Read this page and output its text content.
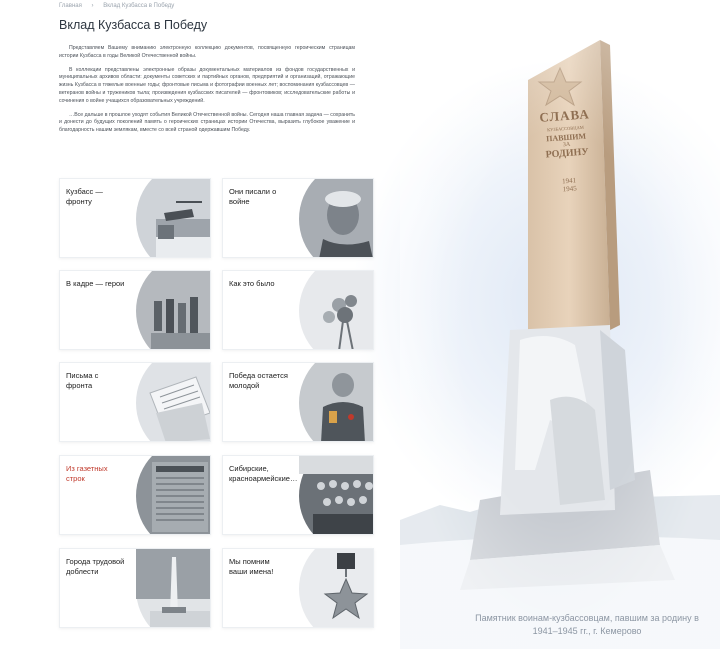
СЛАВА
КУЗБАССОВЦАМ
ПАВШИМ
ЗА
РОДИНУ
1941
1945
Памятник воинам-кузбассовцам, павшим за родину в 1941–1945 гг., г. Кемерово
Главная › Вклад Кузбасса в Победу
Вклад Кузбасса в Победу

Представляем Вашему вниманию электронную коллекцию документов, посвященную героическим страницам истории Кузбасса в годы Великой Отечественной войны.

В коллекции представлены электронные образы документальных материалов из фондов государственных и муниципальных архивов области: документы советских и партийных органов, предприятий и организаций, отражающие жизнь Кузбасса в тяжелые военные годы; фронтовые письма и фотографии военных лет; воспоминания кузбассовцев — ветеранов войны и тружеников тыла; произведения кузбасских писателей — фронтовиков; исследовательские работы и сочинения о войне учащихся образовательных учреждений.

…Все дальше в прошлое уходят события Великой Отечественной войны. Сегодня наша главная задача — сохранить и донести до будущих поколений память о героических страницах истории Отечества, выразить глубокое уважение и благодарность нашим землякам, вместе со всей страной одержавшим Победу.

Кузбасс — фронту
Они писали о войне
В кадре — герои	Как это было
Письма с фронта
Победа остается молодой
Из газетных строк
Сибирские, красноармейские…
Города трудовой доблести
Мы помним ваши имена!
